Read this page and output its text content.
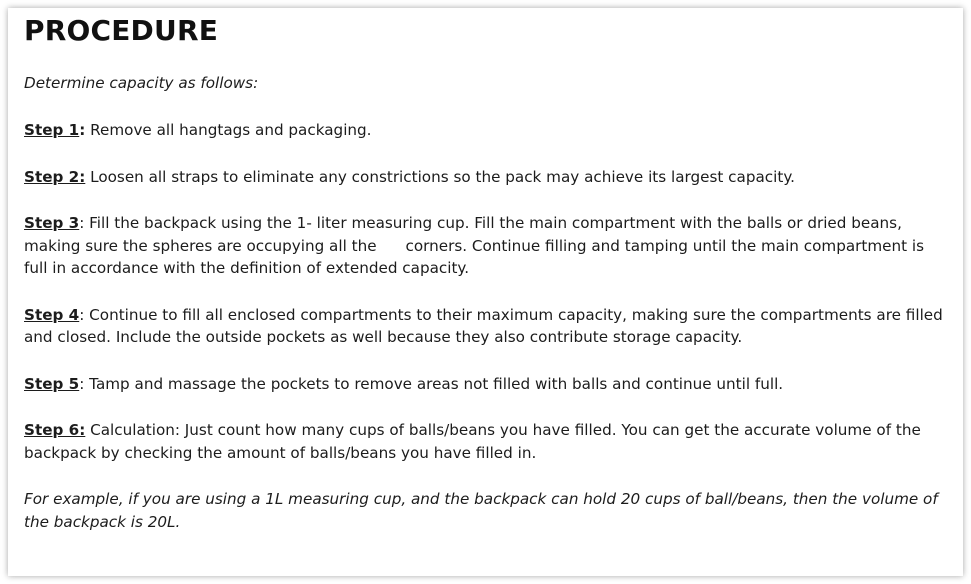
PROCEDURE
Determine capacity as follows:
Step 1: Remove all hangtags and packaging.
Step 2: Loosen all straps to eliminate any constrictions so the pack may achieve its largest capacity.
Step 3: Fill the backpack using the 1- liter measuring cup. Fill the main compartment with the balls or dried beans, making sure the spheres are occupying all the      corners. Continue filling and tamping until the main compartment is full in accordance with the definition of extended capacity.
Step 4: Continue to fill all enclosed compartments to their maximum capacity, making sure the compartments are filled and closed. Include the outside pockets as well because they also contribute storage capacity.
Step 5: Tamp and massage the pockets to remove areas not filled with balls and continue until full.
Step 6: Calculation: Just count how many cups of balls/beans you have filled. You can get the accurate volume of the backpack by checking the amount of balls/beans you have filled in.
For example, if you are using a 1L measuring cup, and the backpack can hold 20 cups of ball/beans, then the volume of the backpack is 20L.
